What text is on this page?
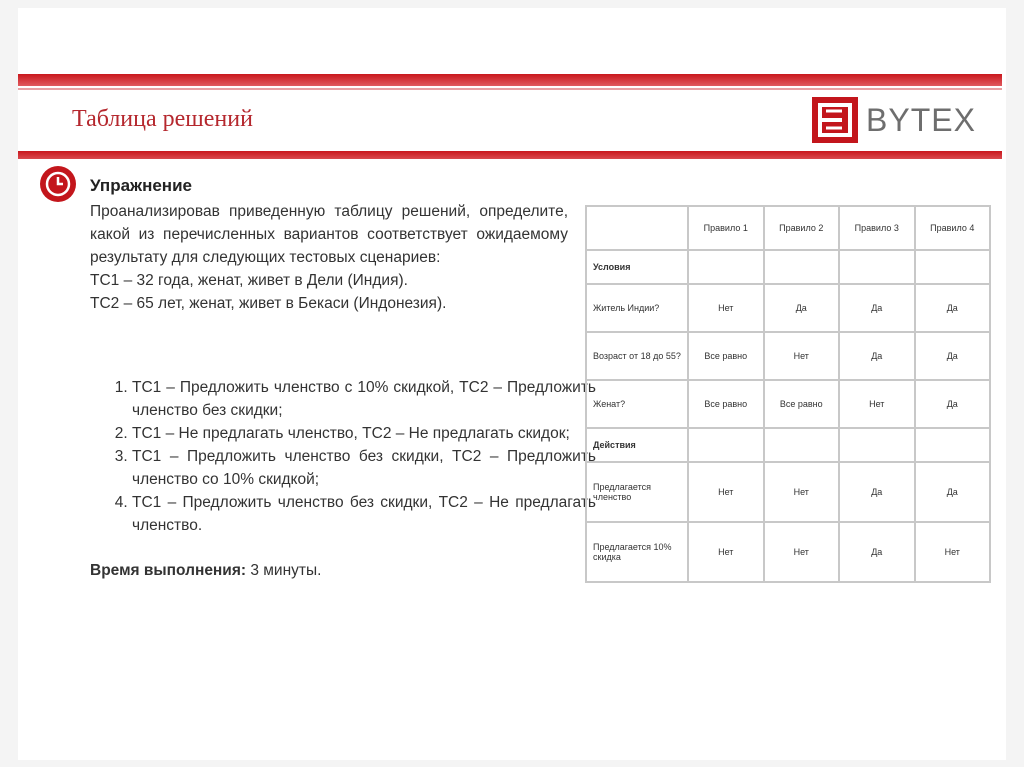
Таблица решений	BYTEX
Упражнение

Проанализировав приведенную таблицу решений, определите, какой из перечисленных вариантов соответствует ожидаемому результату для следующих тестовых сценариев:

ТС1 – 32 года, женат, живет в Дели (Индия).

ТС2 – 65 лет, женат, живет в Бекаси (Индонезия).

1. ТС1 – Предложить членство с 10% скидкой, ТС2 – Предложить членство без скидки;
2. ТС1 – Не предлагать членство, ТС2 – Не предлагать скидок;
3. ТС1 – Предложить членство без скидки, ТС2 – Предложить членство со 10% скидкой;
4. ТС1 – Предложить членство без скидки, ТС2 – Не предлагать членство.
Время выполнения: 3 минуты.
	Правило 1	Правило 2	Правило 3	Правило 4
Условия				
Житель Индии?	Нет	Да	Да	Да
Возраст от 18 до 55?	Все равно	Нет	Да	Да
Женат?	Все равно	Все равно	Нет	Да
Действия				
Предлагается членство	Нет	Нет	Да	Да
Предлагается 10% скидка	Нет	Нет	Да	Нет
